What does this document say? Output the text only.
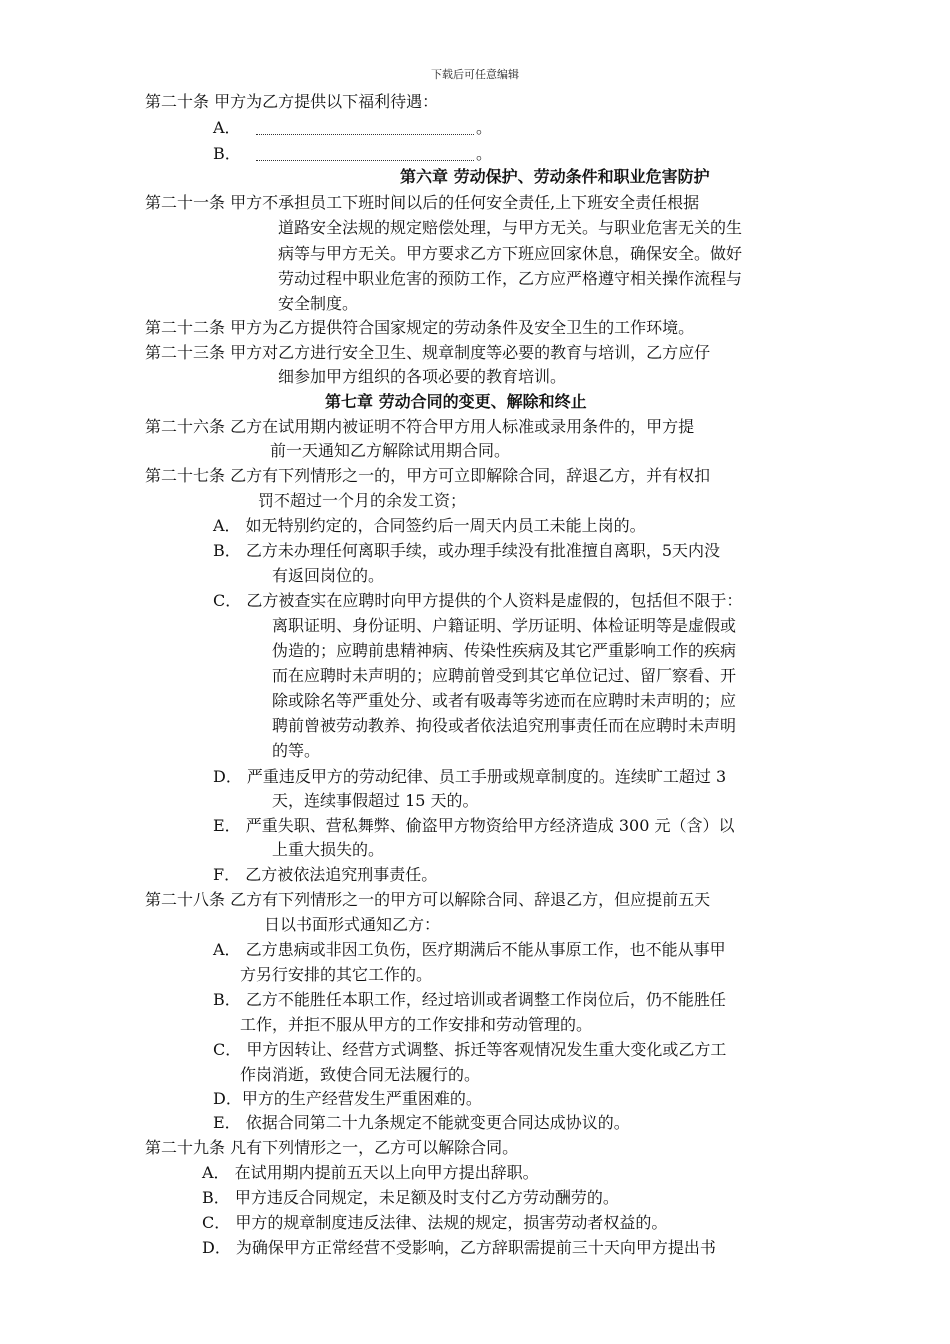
下载后可任意编辑
第二十条 甲方为乙方提供以下福利待遇：
A．	。
B．	。
第六章 劳动保护、劳动条件和职业危害防护
第二十一条 甲方不承担员工下班时间以后的任何安全责任,上下班安全责任根据
道路安全法规的规定赔偿处理，与甲方无关。与职业危害无关的生
病等与甲方无关。甲方要求乙方下班应回家休息，确保安全。做好
劳动过程中职业危害的预防工作，乙方应严格遵守相关操作流程与
安全制度。
第二十二条 甲方为乙方提供符合国家规定的劳动条件及安全卫生的工作环境。
第二十三条 甲方对乙方进行安全卫生、规章制度等必要的教育与培训，乙方应仔
细参加甲方组织的各项必要的教育培训。
第七章 劳动合同的变更、解除和终止
第二十六条 乙方在试用期内被证明不符合甲方用人标准或录用条件的，甲方提
前一天通知乙方解除试用期合同。
第二十七条 乙方有下列情形之一的，甲方可立即解除合同，辞退乙方，并有权扣
罚不超过一个月的余发工资；
A． 如无特别约定的，合同签约后一周天内员工未能上岗的。
B． 乙方未办理任何离职手续，或办理手续没有批准擅自离职，5天内没
有返回岗位的。
C． 乙方被查实在应聘时向甲方提供的个人资料是虚假的，包括但不限于：
离职证明、身份证明、户籍证明、学历证明、体检证明等是虚假或
伪造的；应聘前患精神病、传染性疾病及其它严重影响工作的疾病
而在应聘时未声明的；应聘前曾受到其它单位记过、留厂察看、开
除或除名等严重处分、或者有吸毒等劣迹而在应聘时未声明的；应
聘前曾被劳动教养、拘役或者依法追究刑事责任而在应聘时未声明
的等。
D． 严重违反甲方的劳动纪律、员工手册或规章制度的。连续旷工超过 3
天，连续事假超过 15 天的。
E． 严重失职、营私舞弊、偷盗甲方物资给甲方经济造成 300 元（含）以
上重大损失的。
F． 乙方被依法追究刑事责任。
第二十八条 乙方有下列情形之一的甲方可以解除合同、辞退乙方，但应提前五天
日以书面形式通知乙方：
A． 乙方患病或非因工负伤，医疗期满后不能从事原工作，也不能从事甲
方另行安排的其它工作的。
B． 乙方不能胜任本职工作，经过培训或者调整工作岗位后，仍不能胜任
工作，并拒不服从甲方的工作安排和劳动管理的。
C． 甲方因转让、经营方式调整、拆迁等客观情况发生重大变化或乙方工
作岗消逝，致使合同无法履行的。
D．甲方的生产经营发生严重困难的。
E． 依据合同第二十九条规定不能就变更合同达成协议的。
第二十九条 凡有下列情形之一，乙方可以解除合同。
A． 在试用期内提前五天以上向甲方提出辞职。
B． 甲方违反合同规定，未足额及时支付乙方劳动酬劳的。
C． 甲方的规章制度违反法律、法规的规定，损害劳动者权益的。
D． 为确保甲方正常经营不受影响，乙方辞职需提前三十天向甲方提出书
